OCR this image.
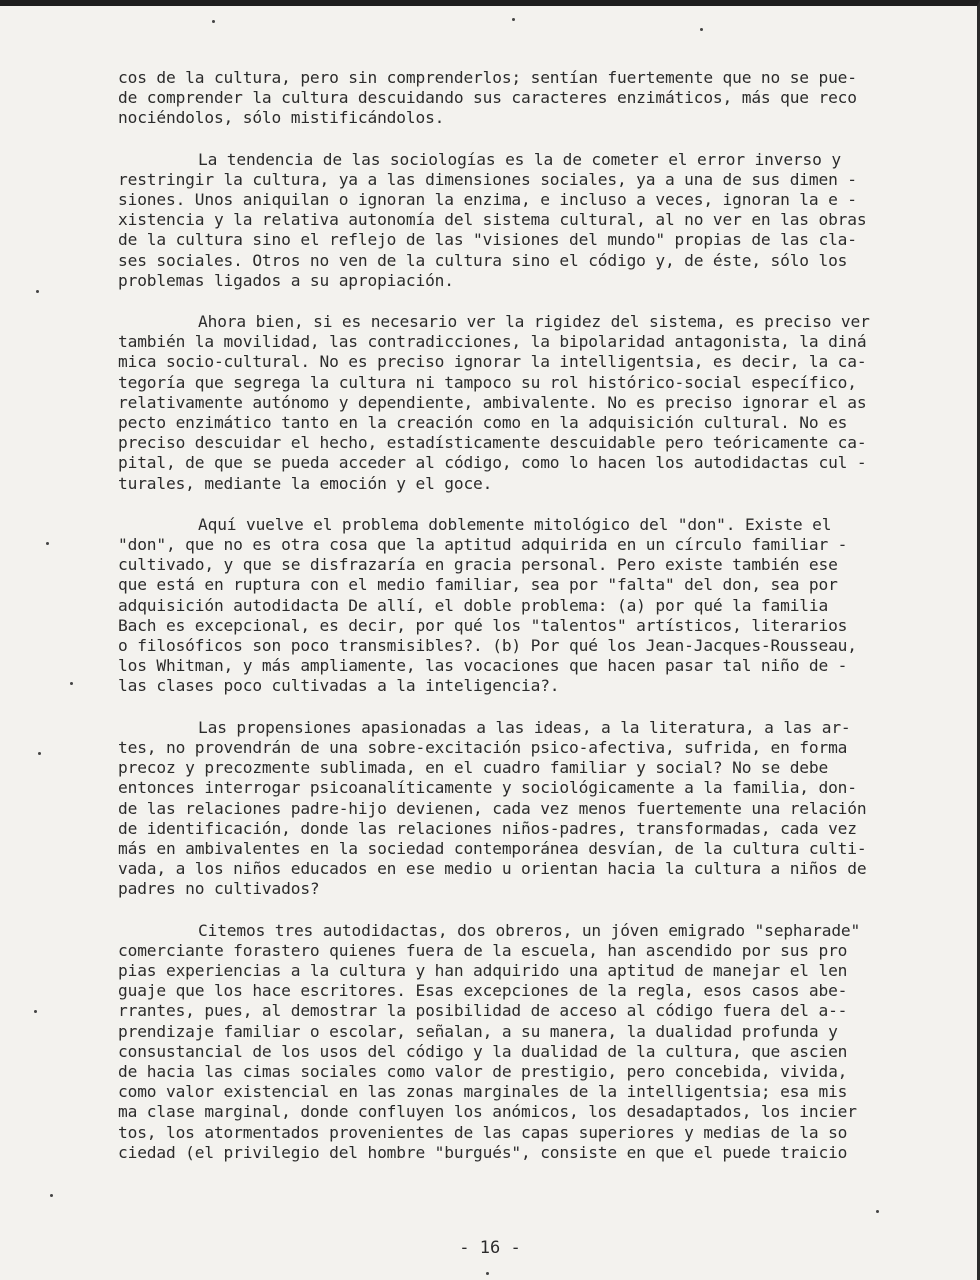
cos de la cultura, pero sin comprenderlos; sentían fuertemente que no se pue-
de comprender la cultura descuidando sus caracteres enzimáticos, más que reco
nociéndolos, sólo mistificándolos.

La tendencia de las sociologías es la de cometer el error inverso y
restringir la cultura, ya a las dimensiones sociales, ya a una de sus dimen -
siones. Unos aniquilan o ignoran la enzima, e incluso a veces, ignoran la e -
xistencia y la relativa autonomía del sistema cultural, al no ver en las obras
de la cultura sino el reflejo de las "visiones del mundo" propias de las cla-
ses sociales. Otros no ven de la cultura sino el código y, de éste, sólo los
problemas ligados a su apropiación.

Ahora bien, si es necesario ver la rigidez del sistema, es preciso ver
también la movilidad, las contradicciones, la bipolaridad antagonista, la diná
mica socio-cultural. No es preciso ignorar la intelligentsia, es decir, la ca-
tegoría que segrega la cultura ni tampoco su rol histórico-social específico,
relativamente autónomo y dependiente, ambivalente. No es preciso ignorar el as
pecto enzimático tanto en la creación como en la adquisición cultural. No es
preciso descuidar el hecho, estadísticamente descuidable pero teóricamente ca-
pital, de que se pueda acceder al código, como lo hacen los autodidactas cul -
turales, mediante la emoción y el goce.

Aquí vuelve el problema doblemente mitológico del "don". Existe el
"don", que no es otra cosa que la aptitud adquirida en un círculo familiar -
cultivado, y que se disfrazaría en gracia personal. Pero existe también ese
que está en ruptura con el medio familiar, sea por "falta" del don, sea por
adquisición autodidacta De allí, el doble problema: (a) por qué la familia
Bach es excepcional, es decir, por qué los "talentos" artísticos, literarios
o filosóficos son poco transmisibles?. (b) Por qué los Jean-Jacques-Rousseau,
los Whitman, y más ampliamente, las vocaciones que hacen pasar tal niño de -
las clases poco cultivadas a la inteligencia?.

Las propensiones apasionadas a las ideas, a la literatura, a las ar-
tes, no provendrán de una sobre-excitación psico-afectiva, sufrida, en forma
precoz y precozmente sublimada, en el cuadro familiar y social? No se debe
entonces interrogar psicoanalíticamente y sociológicamente a la familia, don-
de las relaciones padre-hijo devienen, cada vez menos fuertemente una relación
de identificación, donde las relaciones niños-padres, transformadas, cada vez
más en ambivalentes en la sociedad contemporánea desvían, de la cultura culti-
vada, a los niños educados en ese medio u orientan hacia la cultura a niños de
padres no cultivados?

Citemos tres autodidactas, dos obreros, un jóven emigrado "sepharade"
comerciante forastero quienes fuera de la escuela, han ascendido por sus pro
pias experiencias a la cultura y han adquirido una aptitud de manejar el len
guaje que los hace escritores. Esas excepciones de la regla, esos casos abe-
rrantes, pues, al demostrar la posibilidad de acceso al código fuera del a--
prendizaje familiar o escolar, señalan, a su manera, la dualidad profunda y
consustancial de los usos del código y la dualidad de la cultura, que ascien
de hacia las cimas sociales como valor de prestigio, pero concebida, vivida,
como valor existencial en las zonas marginales de la intelligentsia; esa mis
ma clase marginal, donde confluyen los anómicos, los desadaptados, los incier
tos, los atormentados provenientes de las capas superiores y medias de la so
ciedad (el privilegio del hombre "burgués", consiste en que el puede traicio

- 16 -
